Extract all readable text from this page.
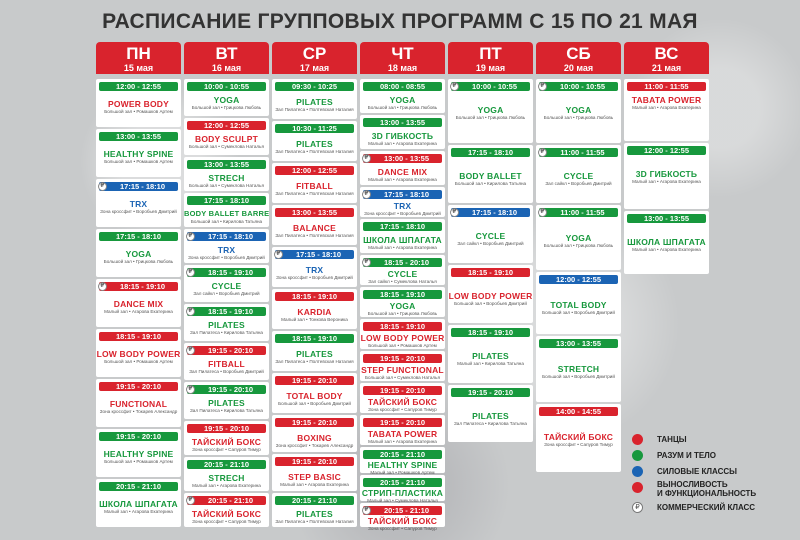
РАСПИСАНИЕ ГРУППОВЫХ ПРОГРАММ С 15 ПО 21 МАЯ
ПН
15 мая
12:00 - 12:55
POWER BODY
Большой зал • Ромашков Артем
13:00 - 13:55
HEALTHY SPINE
Большой зал • Ромашков Артем
₽	17:15 - 18:10
TRX
Зона кроссфит • Воробьев Дмитрий
17:15 - 18:10
YOGA
Большой зал • Грицкова Любовь
₽	18:15 - 19:10
DANCE MIX
Малый зал • Агарова Екатерина
18:15 - 19:10
LOW BODY POWER
Большой зал • Ромашков Артем
19:15 - 20:10
FUNCTIONAL
Зона кроссфит • Токарев Александр
19:15 - 20:10
HEALTHY SPINE
Большой зал • Ромашков Артем
20:15 - 21:10
ШКОЛА ШПАГАТА
Малый зал • Агарова Екатерина
ВТ
16 мая
10:00 - 10:55
YOGA
Большой зал • Грицкова Любовь
12:00 - 12:55
BODY SCULPT
Большой зал • Сумеклова Наталья
13:00 - 13:55
STRECH
Большой зал • Сумеклова Наталья
17:15 - 18:10
BODY BALLET BARRE
Большой зал • Кирилова Татьяна
₽	17:15 - 18:10
TRX
Зона кроссфит • Воробьев Дмитрий
₽	18:15 - 19:10
CYCLE
Зал сайкл • Воробьев Дмитрий
₽	18:15 - 19:10
PILATES
Зал Пилатеса • Кирилова Татьяна
₽	19:15 - 20:10
FITBALL
Зал Пилатеса • Воробьев Дмитрий
₽	19:15 - 20:10
PILATES
Зал Пилатеса • Кирилова Татьяна
19:15 - 20:10
ТАЙСКИЙ БОКС
Зона кроссфит • Сапуров Тимур
20:15 - 21:10
STRECH
Малый зал • Агарова Екатерина
₽	20:15 - 21:10
ТАЙСКИЙ БОКС
Зона кроссфит • Сапуров Тимур
СР
17 мая
09:30 - 10:25
PILATES
Зал Пилатеса • Полтевская Наталия
10:30 - 11:25
PILATES
Зал Пилатеса • Полтевская Наталия
12:00 - 12:55
FITBALL
Зал Пилатеса • Полтевская Наталия
13:00 - 13:55
BALANCE
Зал Пилатеса • Полтевская Наталия
₽	17:15 - 18:10
TRX
Зона кроссфит • Воробьев Дмитрий
18:15 - 19:10
KARDIA
Малый зал • Тонкова Вероника
18:15 - 19:10
PILATES
Зал Пилатеса • Полтевская Наталия
19:15 - 20:10
TOTAL BODY
Большой зал • Воробьев Дмитрий
19:15 - 20:10
BOXING
Зона кроссфит • Токарев Александр
19:15 - 20:10
STEP BASIC
Малый зал • Агарова Екатерина
20:15 - 21:10
PILATES
Зал Пилатеса • Полтевская Наталия
ЧТ
18 мая
08:00 - 08:55
YOGA
Большой зал • Грицкова Любовь
13:00 - 13:55
3D ГИБКОСТЬ
Малый зал • Агарова Екатерина
₽	13:00 - 13:55
DANCE MIX
Малый зал • Агарова Екатерина
₽	17:15 - 18:10
TRX
Зона кроссфит • Воробьев Дмитрий
17:15 - 18:10
ШКОЛА ШПАГАТА
Малый зал • Агарова Екатерина
₽	18:15 - 20:10
CYCLE
Зал сайкл • Сумеклова Наталья
18:15 - 19:10
YOGA
Большой зал • Грицкова Любовь
18:15 - 19:10
LOW BODY POWER
Большой зал • Ромашков Артем
19:15 - 20:10
STEP FUNCTIONAL
Большой зал • Сумеклова Наталья
19:15 - 20:10
ТАЙСКИЙ БОКС
Зона кроссфит • Сапуров Тимур
19:15 - 20:10
TABATA POWER
Малый зал • Агарова Екатерина
20:15 - 21:10
HEALTHY SPINE
Малый зал • Ромашков Артем
20:15 - 21:10
СТРИП-ПЛАСТИКА
Малый зал • Сумеклова Наталья
₽	20:15 - 21:10
ТАЙСКИЙ БОКС
Зона кроссфит • Сапуров Тимур
ПТ
19 мая
₽	10:00 - 10:55
YOGA
Большой зал • Грицкова Любовь
17:15 - 18:10
BODY BALLET
Большой зал • Кирилова Татьяна
₽	17:15 - 18:10
CYCLE
Зал сайкл • Воробьев Дмитрий
18:15 - 19:10
LOW BODY POWER
Большой зал • Воробьев Дмитрий
18:15 - 19:10
PILATES
Малый зал • Кирилова Татьяна
19:15 - 20:10
PILATES
Зал Пилатеса • Кирилова Татьяна
СБ
20 мая
₽	10:00 - 10:55
YOGA
Большой зал • Грицкова Любовь
₽	11:00 - 11:55
CYCLE
Зал сайкл • Воробьев Дмитрий
₽	11:00 - 11:55
YOGA
Большой зал • Грицкова Любовь
12:00 - 12:55
TOTAL BODY
Большой зал • Воробьев Дмитрий
13:00 - 13:55
STRETCH
Большой зал • Воробьев Дмитрий
14:00 - 14:55
ТАЙСКИЙ БОКС
Зона кроссфит • Сапуров Тимур
ВС
21 мая
11:00 - 11:55
TABATA POWER
Малый зал • Агарова Екатерина
12:00 - 12:55
3D ГИБКОСТЬ
Малый зал • Агарова Екатерина
13:00 - 13:55
ШКОЛА ШПАГАТА
Малый зал • Агарова Екатерина
ТАНЦЫ
РАЗУМ И ТЕЛО
СИЛОВЫЕ КЛАССЫ
ВЫНОСЛИВОСТЬ
И ФУНКЦИОНАЛЬНОСТЬ
₽	КОММЕРЧЕСКИЙ КЛАСС
